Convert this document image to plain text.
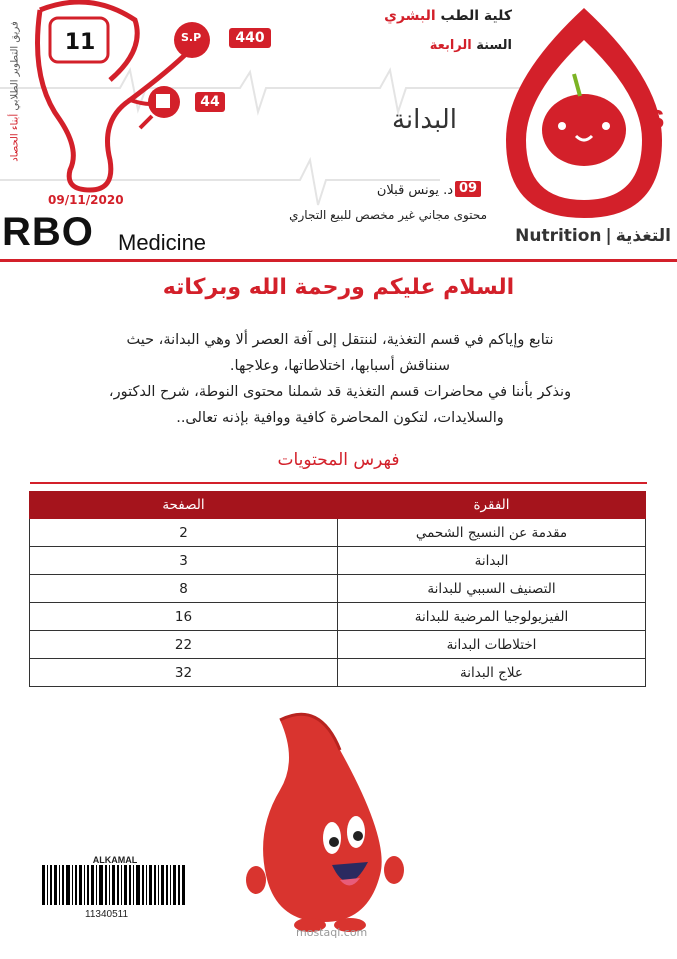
فريق التطوير الطلابي أبناء الحصاد
11	S.P	440
44
كلية الطب البشري
السنة الرابعة
البدانة
09
د. يونس قبلان
محتوى مجاني غير مخصص للبيع التجاري
09/11/2020
S
RBO Medicine	Nutrition | التغذية
السلام عليكم ورحمة الله وبركاته
نتابع وإياكم في قسم التغذية، لننتقل إلى آفة العصر ألا وهي البدانة، حيث
سنناقش أسبابها، اختلاطاتها، وعلاجها.
ونذكر بأننا في محاضرات قسم التغذية قد شملنا محتوى النوطة، شرح الدكتور،
والسلايدات، لتكون المحاضرة كافية ووافية بإذنه تعالى..
فهرس المحتويات
الفقرة	الصفحة
مقدمة عن النسيج الشحمي	2
البدانة	3
التصنيف السببي للبدانة	8
الفيزيولوجيا المرضية للبدانة	16
اختلاطات البدانة	22
علاج البدانة	32
mostaql.com
ALKAMAL
11340511
